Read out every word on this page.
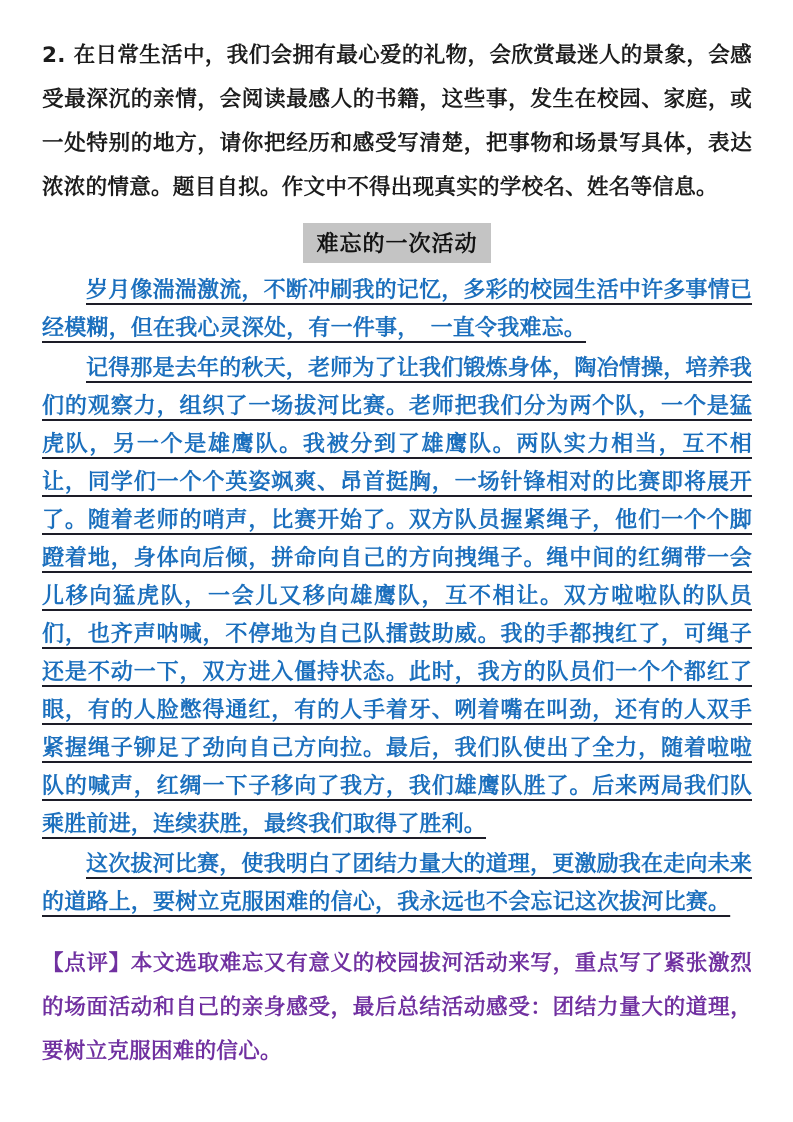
2. 在日常生活中，我们会拥有最心爱的礼物，会欣赏最迷人的景象，会感受最深沉的亲情，会阅读最感人的书籍，这些事，发生在校园、家庭，或一处特别的地方，请你把经历和感受写清楚，把事物和场景写具体，表达浓浓的情意。题目自拟。作文中不得出现真实的学校名、姓名等信息。

难忘的一次活动

岁月像湍湍激流，不断冲刷我的记忆，多彩的校园生活中许多事情已经模糊，但在我心灵深处，有一件事，　一直令我难忘。

记得那是去年的秋天，老师为了让我们锻炼身体，陶冶情操，培养我们的观察力，组织了一场拔河比赛。老师把我们分为两个队，一个是猛虎队，另一个是雄鹰队。我被分到了雄鹰队。两队实力相当，互不相让，同学们一个个英姿飒爽、昂首挺胸，一场针锋相对的比赛即将展开了。随着老师的哨声，比赛开始了。双方队员握紧绳子，他们一个个脚蹬着地，身体向后倾，拼命向自己的方向拽绳子。绳中间的红绸带一会儿移向猛虎队，一会儿又移向雄鹰队，互不相让。双方啦啦队的队员们，也齐声呐喊，不停地为自己队擂鼓助威。我的手都拽红了，可绳子还是不动一下，双方进入僵持状态。此时，我方的队员们一个个都红了眼，有的人脸憋得通红，有的人手着牙、咧着嘴在叫劲，还有的人双手紧握绳子铆足了劲向自己方向拉。最后，我们队使出了全力，随着啦啦队的喊声，红绸一下子移向了我方，我们雄鹰队胜了。后来两局我们队乘胜前进，连续获胜，最终我们取得了胜利。

这次拔河比赛，使我明白了团结力量大的道理，更激励我在走向未来的道路上，要树立克服困难的信心，我永远也不会忘记这次拔河比赛。

【点评】本文选取难忘又有意义的校园拔河活动来写，重点写了紧张激烈的场面活动和自己的亲身感受，最后总结活动感受：团结力量大的道理，要树立克服困难的信心。
